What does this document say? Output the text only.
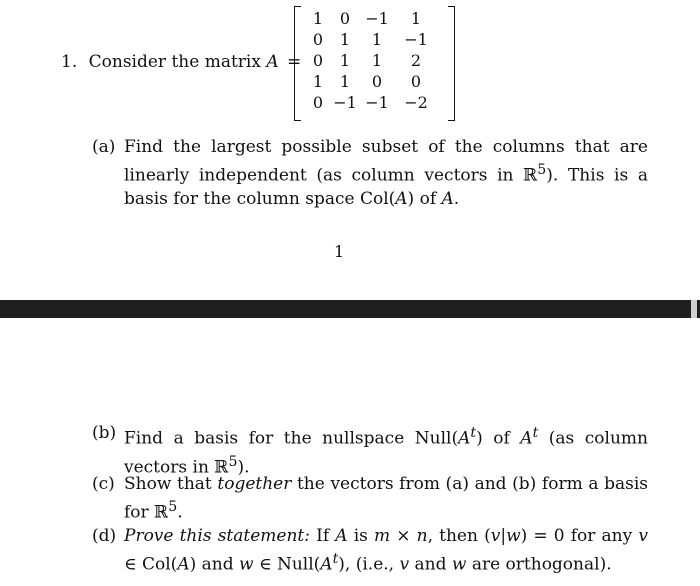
1. Consider the matrix A =
1	0 −1	1
0	1	1	−1
0	1	1	2
1	1	0	0
0 −1 −1 −2
(a) Find the largest possible subset of the columns that are linearly independent (as column vectors in ℝ$^5$). This is a basis for the column space Col(A) of A.
1
(b) Find a basis for the nullspace $Null(A^t)$ of $A^t$ (as column vectors in ℝ$^5$).
(c) Show that together the vectors from (a) and (b) form a basis for ℝ$^5$.
(d) Prove this statement: If A is m × n, then (v|w) = 0 for any v ∈ Col(A) and w ∈ $Null(A^t)$, (i.e., v and w are orthogonal).
